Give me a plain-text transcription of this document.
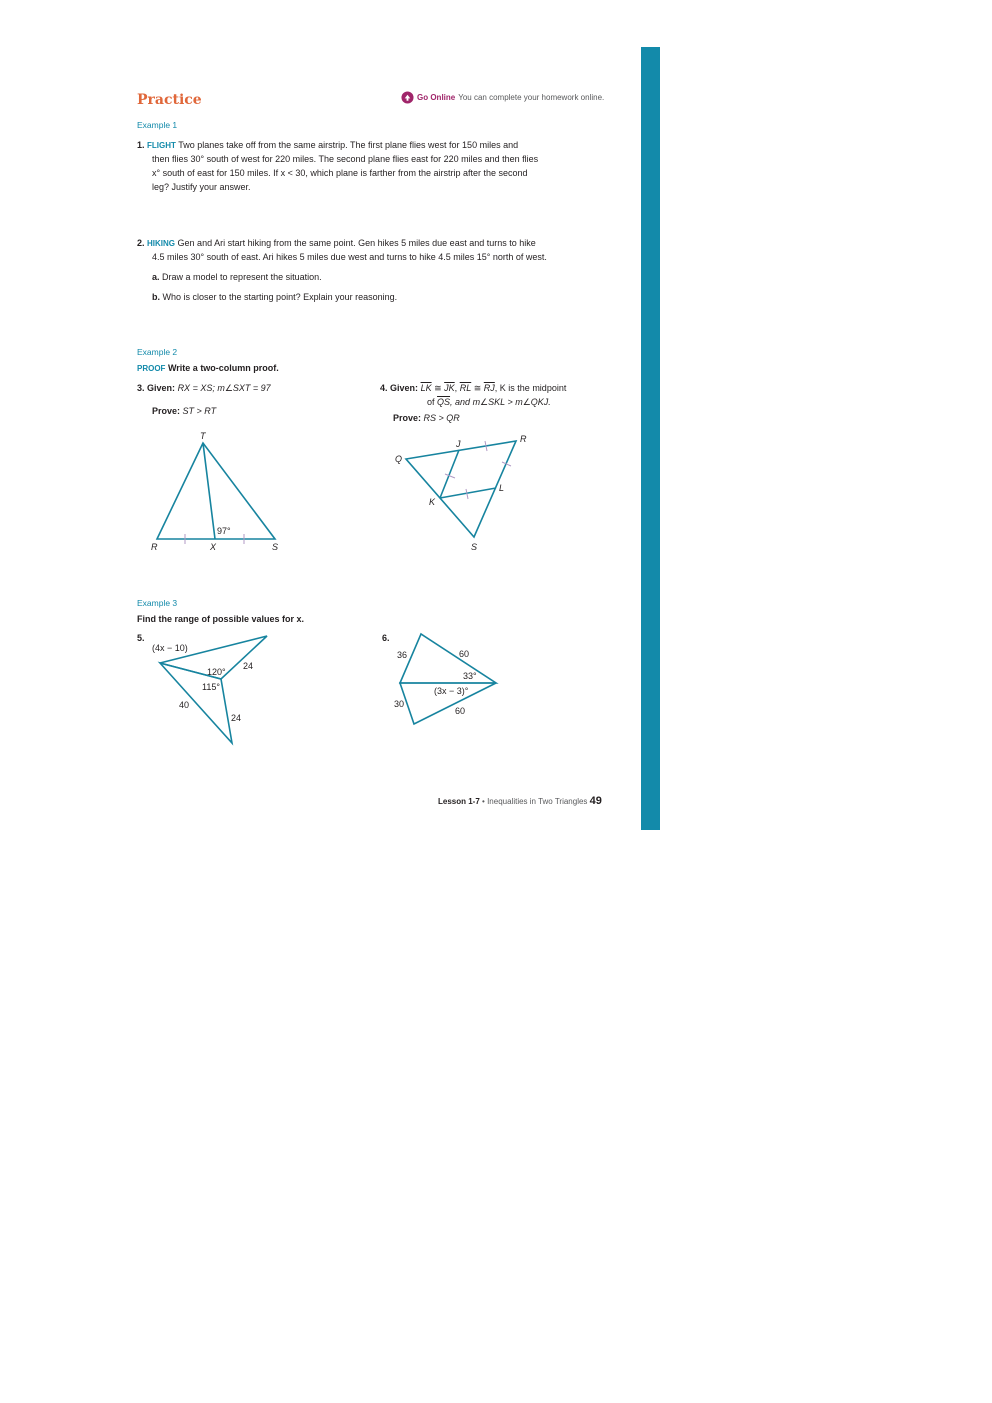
Practice	Go Online You can complete your homework online.
Example 1
1. FLIGHT Two planes take off from the same airstrip. The first plane flies west for 150 miles and
then flies 30° south of west for 220 miles. The second plane flies east for 220 miles and then flies
x° south of east for 150 miles. If x < 30, which plane is farther from the airstrip after the second
leg? Justify your answer.
2. HIKING Gen and Ari start hiking from the same point. Gen hikes 5 miles due east and turns to hike
4.5 miles 30° south of east. Ari hikes 5 miles due west and turns to hike 4.5 miles 15° north of west.
a. Draw a model to represent the situation.
b. Who is closer to the starting point? Explain your reasoning.
Example 2
PROOF Write a two-column proof.
3. Given: RX = XS; m∠SXT = 97
Prove: ST > RT
4. Given: $\overline{LK}$ ≅ $\overline{JK}$, $\overline{RL}$ ≅ $\overline{RJ}$, K is the midpoint
of $\overline{QS}$, and m∠SKL > m∠QKJ.
Prove: RS > QR
T
R	X	S
97°
Q
J	R
K
L
S
Example 3
Find the range of possible values for x.
5.	6.
(4x − 10)
24
120°
115°
40
24
36	60
33°
(3x − 3)°
30
60
Lesson 1-7 • Inequalities in Two Triangles 49
